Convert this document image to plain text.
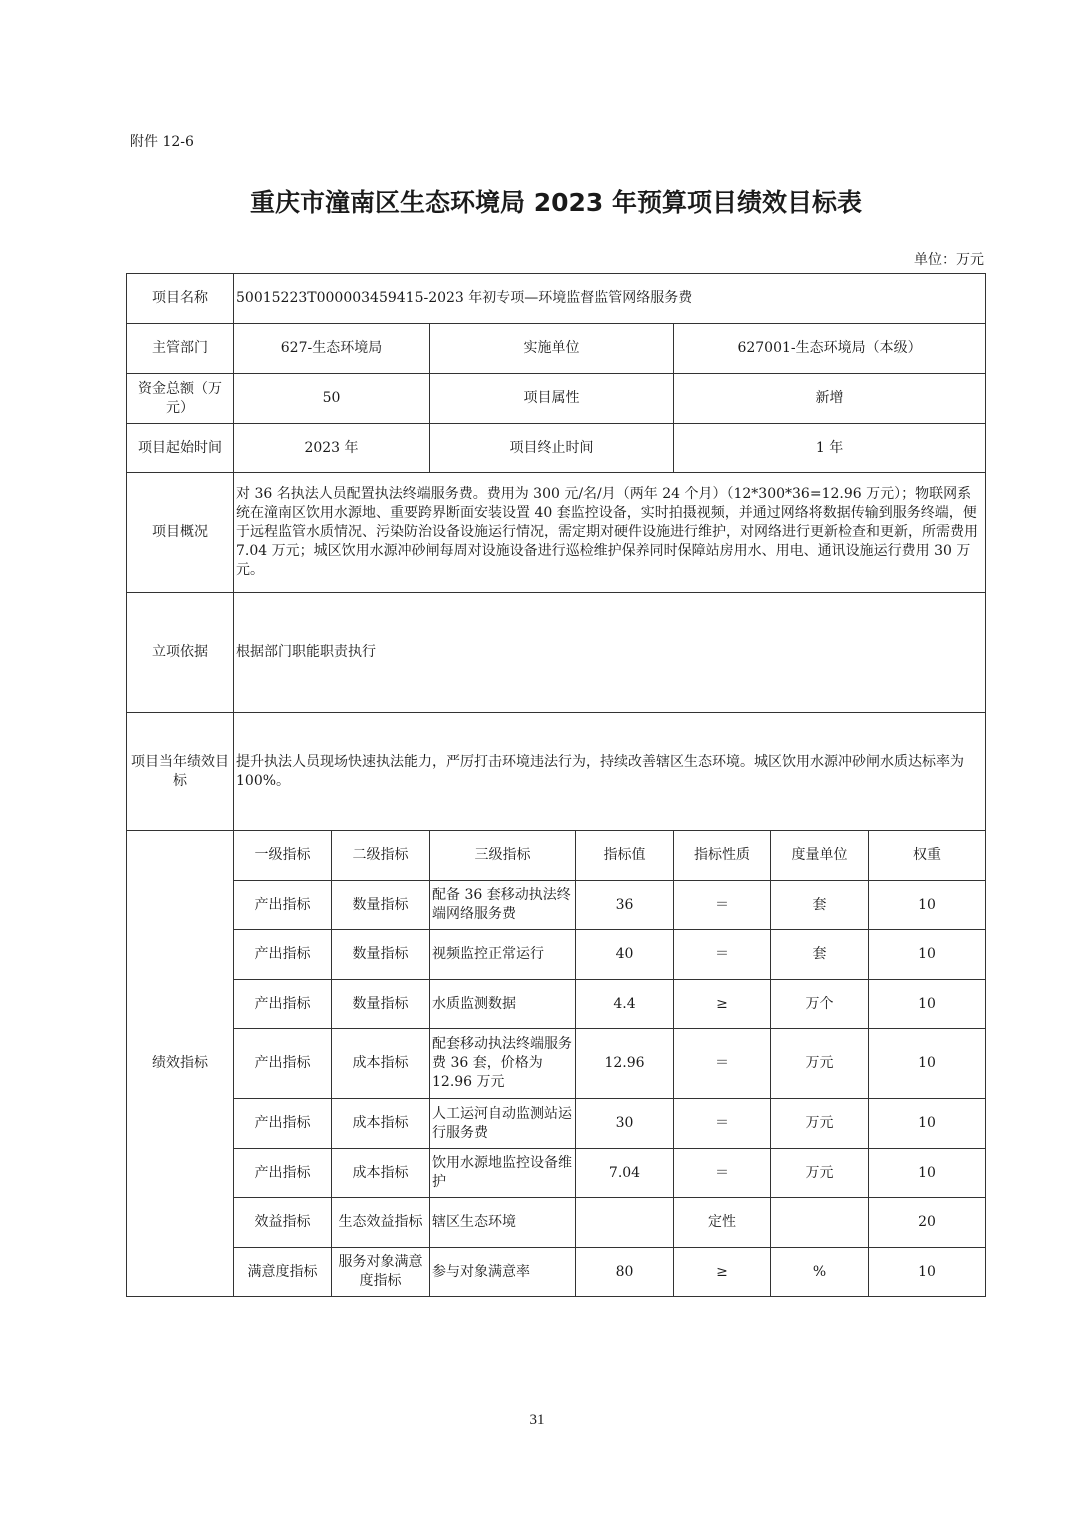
附件 12-6
重庆市潼南区生态环境局 2023 年预算项目绩效目标表
单位：万元
项目名称	50015223T000003459415-2023 年初专项—环境监督监管网络服务费						
主管部门	627-生态环境局		实施单位		627001-生态环境局（本级）		
资金总额（万元）	50		项目属性		新增		
项目起始时间	2023 年		项目终止时间		1 年		
项目概况	对 36 名执法人员配置执法终端服务费。费用为 300 元/名/月（两年 24 个月）（12*300*36=12.96 万元）；物联网系统在潼南区饮用水源地、重要跨界断面安装设置 40 套监控设备，实时拍摄视频，并通过网络将数据传输到服务终端，便于远程监管水质情况、污染防治设备设施运行情况，需定期对硬件设施进行维护，对网络进行更新检查和更新，所需费用 7.04 万元；城区饮用水源冲砂闸每周对设施设备进行巡检维护保养同时保障站房用水、用电、通讯设施运行费用 30 万元。						
立项依据	根据部门职能职责执行						
项目当年绩效目标	提升执法人员现场快速执法能力，严厉打击环境违法行为，持续改善辖区生态环境。城区饮用水源冲砂闸水质达标率为 100%。						
绩效指标	一级指标	二级指标	三级指标	指标值	指标性质	度量单位	权重
	产出指标	数量指标	配备 36 套移动执法终端网络服务费	36	＝	套	10
	产出指标	数量指标	视频监控正常运行	40	＝	套	10
	产出指标	数量指标	水质监测数据	4.4	≥	万个	10
	产出指标	成本指标	配套移动执法终端服务费 36 套，价格为 12.96 万元	12.96	＝	万元	10
	产出指标	成本指标	人工运河自动监测站运行服务费	30	＝	万元	10
	产出指标	成本指标	饮用水源地监控设备维护	7.04	＝	万元	10
	效益指标	生态效益指标	辖区生态环境		定性		20
	满意度指标	服务对象满意度指标	参与对象满意率	80	≥	%	10
31
